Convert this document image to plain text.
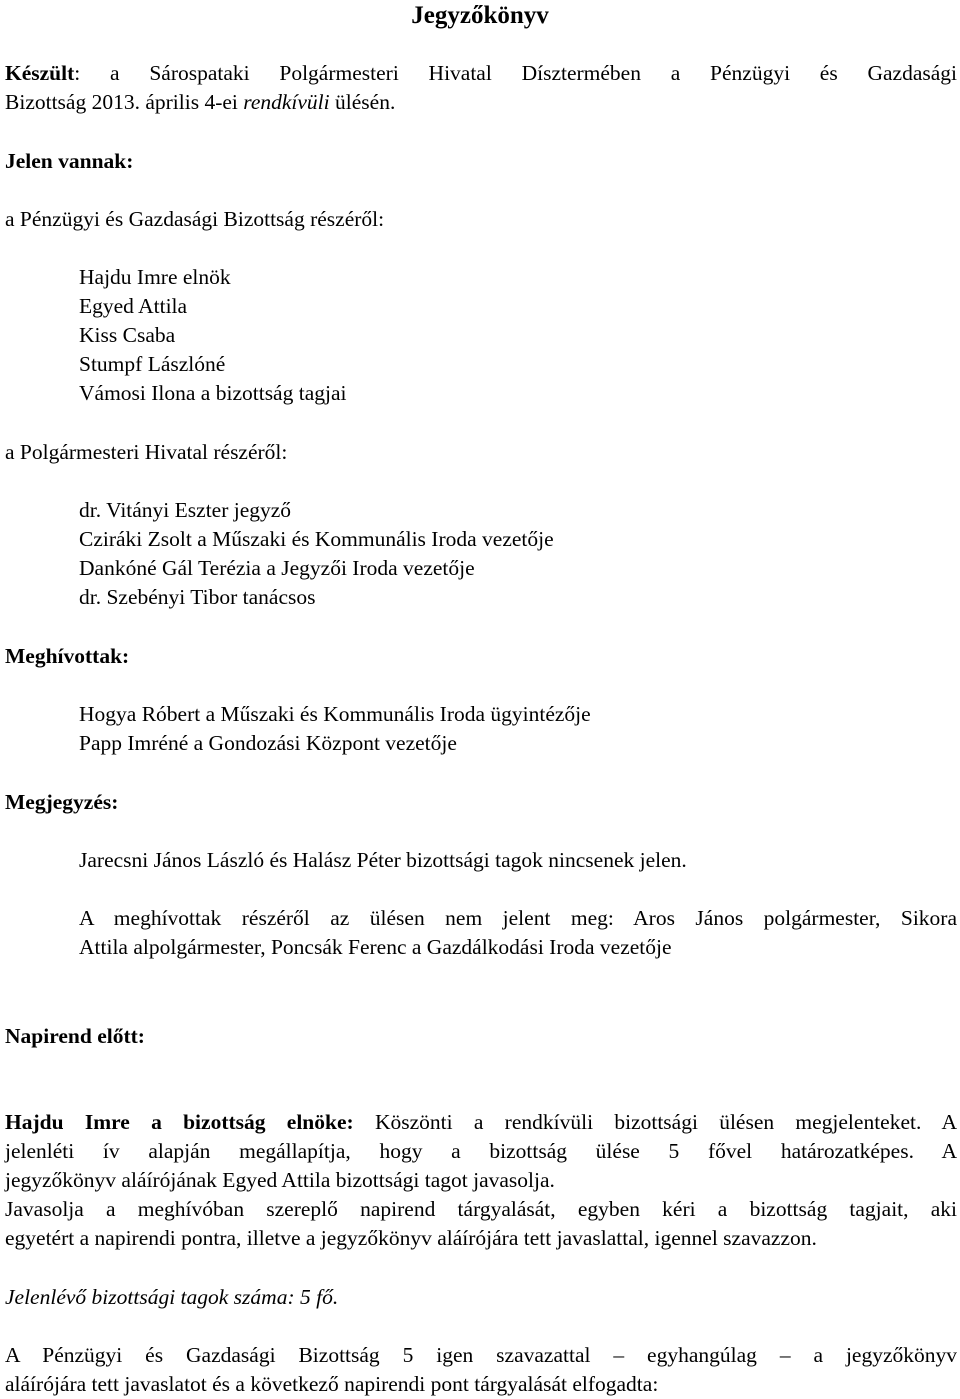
Jegyzőkönyv
Készült: a Sárospataki Polgármesteri Hivatal Dísztermében a Pénzügyi és Gazdasági
Bizottság 2013. április 4-ei rendkívüli ülésén.
Jelen vannak:
a Pénzügyi és Gazdasági Bizottság részéről:
Hajdu Imre elnök
Egyed Attila
Kiss Csaba
Stumpf Lászlóné
Vámosi Ilona a bizottság tagjai
a Polgármesteri Hivatal részéről:
dr. Vitányi Eszter jegyző
Cziráki Zsolt a Műszaki és Kommunális Iroda vezetője
Dankóné Gál Terézia a Jegyzői Iroda vezetője
dr. Szebényi Tibor tanácsos
Meghívottak:
Hogya Róbert a Műszaki és Kommunális Iroda ügyintézője
Papp Imréné a Gondozási Központ vezetője
Megjegyzés:
Jarecsni János László és Halász Péter bizottsági tagok nincsenek jelen.
A meghívottak részéről az ülésen nem jelent meg: Aros János polgármester, Sikora
Attila alpolgármester, Poncsák Ferenc a Gazdálkodási Iroda vezetője
Napirend előtt:
Hajdu Imre a bizottság elnöke: Köszönti a rendkívüli bizottsági ülésen megjelenteket. A
jelenléti ív alapján megállapítja, hogy a bizottság ülése 5 fővel határozatképes. A
jegyzőkönyv aláírójának Egyed Attila bizottsági tagot javasolja.
Javasolja a meghívóban szereplő napirend tárgyalását, egyben kéri a bizottság tagjait, aki
egyetért a napirendi pontra, illetve a jegyzőkönyv aláírójára tett javaslattal, igennel szavazzon.
Jelenlévő bizottsági tagok száma: 5 fő.
A Pénzügyi és Gazdasági Bizottság 5 igen szavazattal – egyhangúlag – a jegyzőkönyv
aláírójára tett javaslatot és a következő napirendi pont tárgyalását elfogadta:
